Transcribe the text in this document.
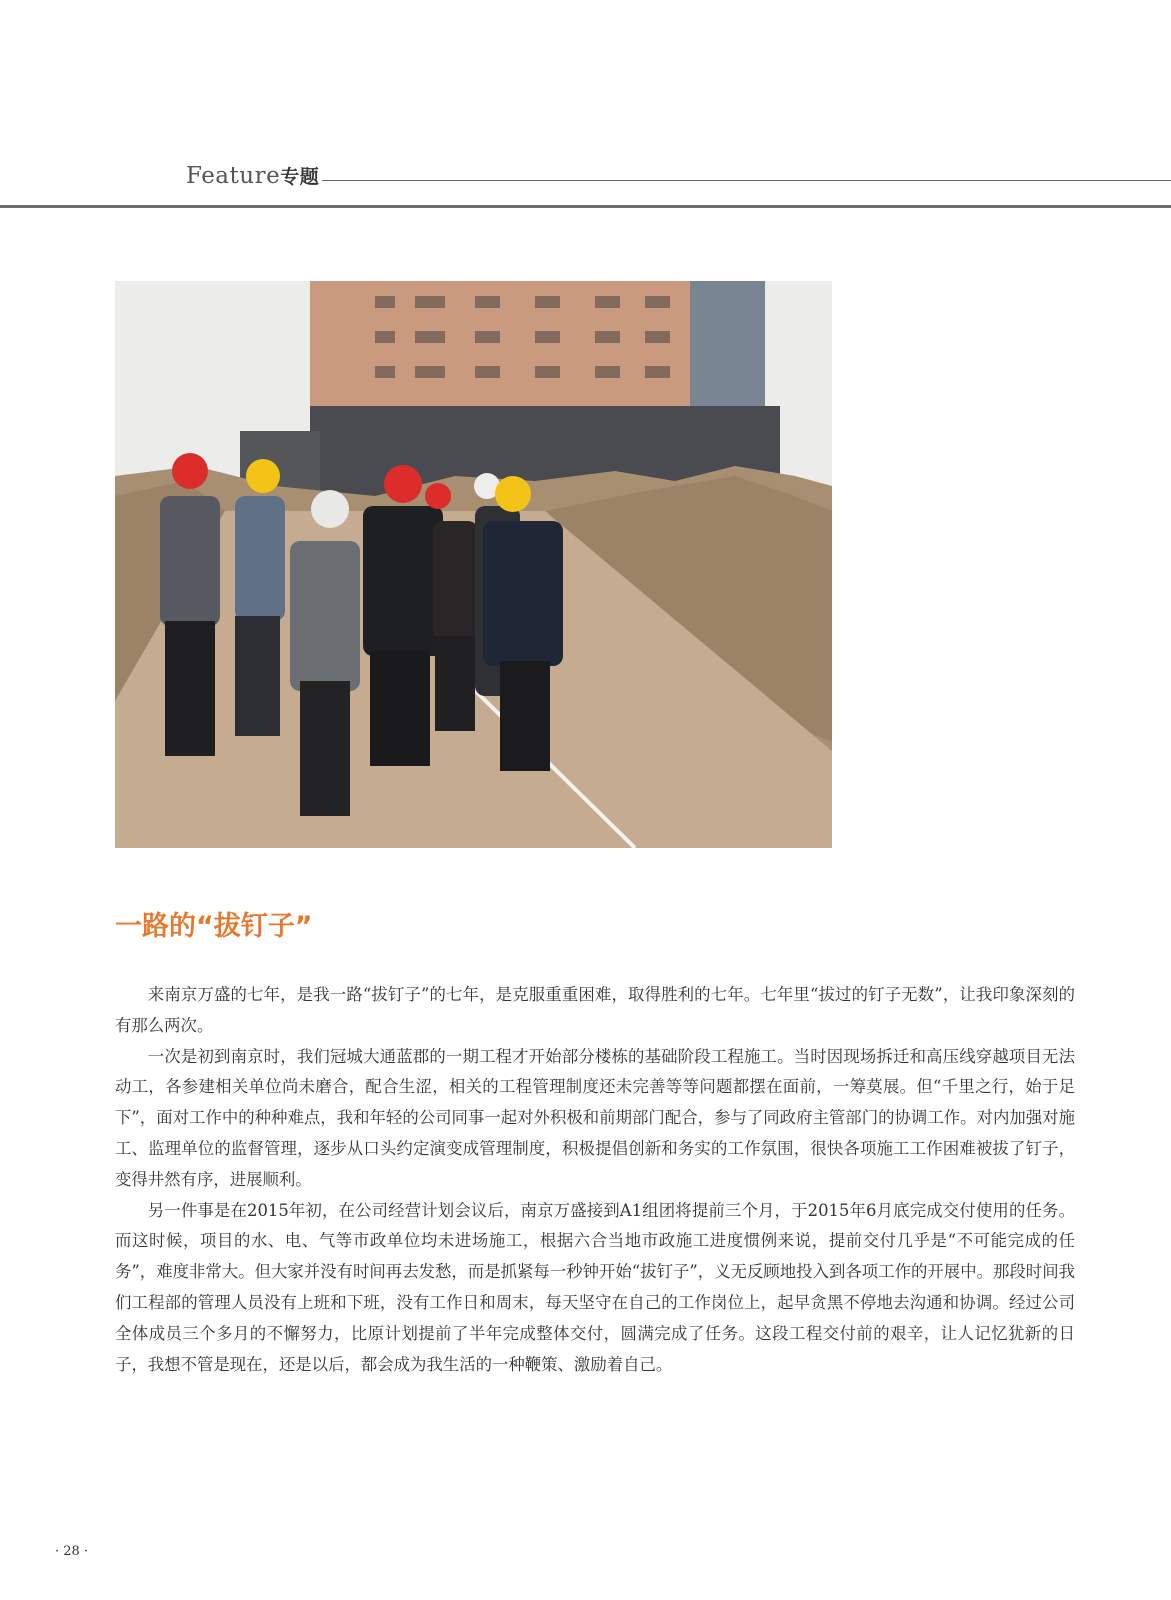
Feature专题
一路的“拔钉子”

来南京万盛的七年，是我一路“拔钉子”的七年，是克服重重困难，取得胜利的七年。七年里“拔过的钉子无数”，让我印象深刻的有那么两次。

一次是初到南京时，我们冠城大通蓝郡的一期工程才开始部分楼栋的基础阶段工程施工。当时因现场拆迁和高压线穿越项目无法动工，各参建相关单位尚未磨合，配合生涩，相关的工程管理制度还未完善等等问题都摆在面前，一筹莫展。但“千里之行，始于足下”，面对工作中的种种难点，我和年轻的公司同事一起对外积极和前期部门配合，参与了同政府主管部门的协调工作。对内加强对施工、监理单位的监督管理，逐步从口头约定演变成管理制度，积极提倡创新和务实的工作氛围，很快各项施工工作困难被拔了钉子，变得井然有序，进展顺利。

另一件事是在2015年初，在公司经营计划会议后，南京万盛接到A1组团将提前三个月，于2015年6月底完成交付使用的任务。而这时候，项目的水、电、气等市政单位均未进场施工，根据六合当地市政施工进度惯例来说，提前交付几乎是“不可能完成的任务”，难度非常大。但大家并没有时间再去发愁，而是抓紧每一秒钟开始“拔钉子”，义无反顾地投入到各项工作的开展中。那段时间我们工程部的管理人员没有上班和下班，没有工作日和周末，每天坚守在自己的工作岗位上，起早贪黑不停地去沟通和协调。经过公司全体成员三个多月的不懈努力，比原计划提前了半年完成整体交付，圆满完成了任务。这段工程交付前的艰辛，让人记忆犹新的日子，我想不管是现在，还是以后，都会成为我生活的一种鞭策、激励着自己。

· 28 ·
